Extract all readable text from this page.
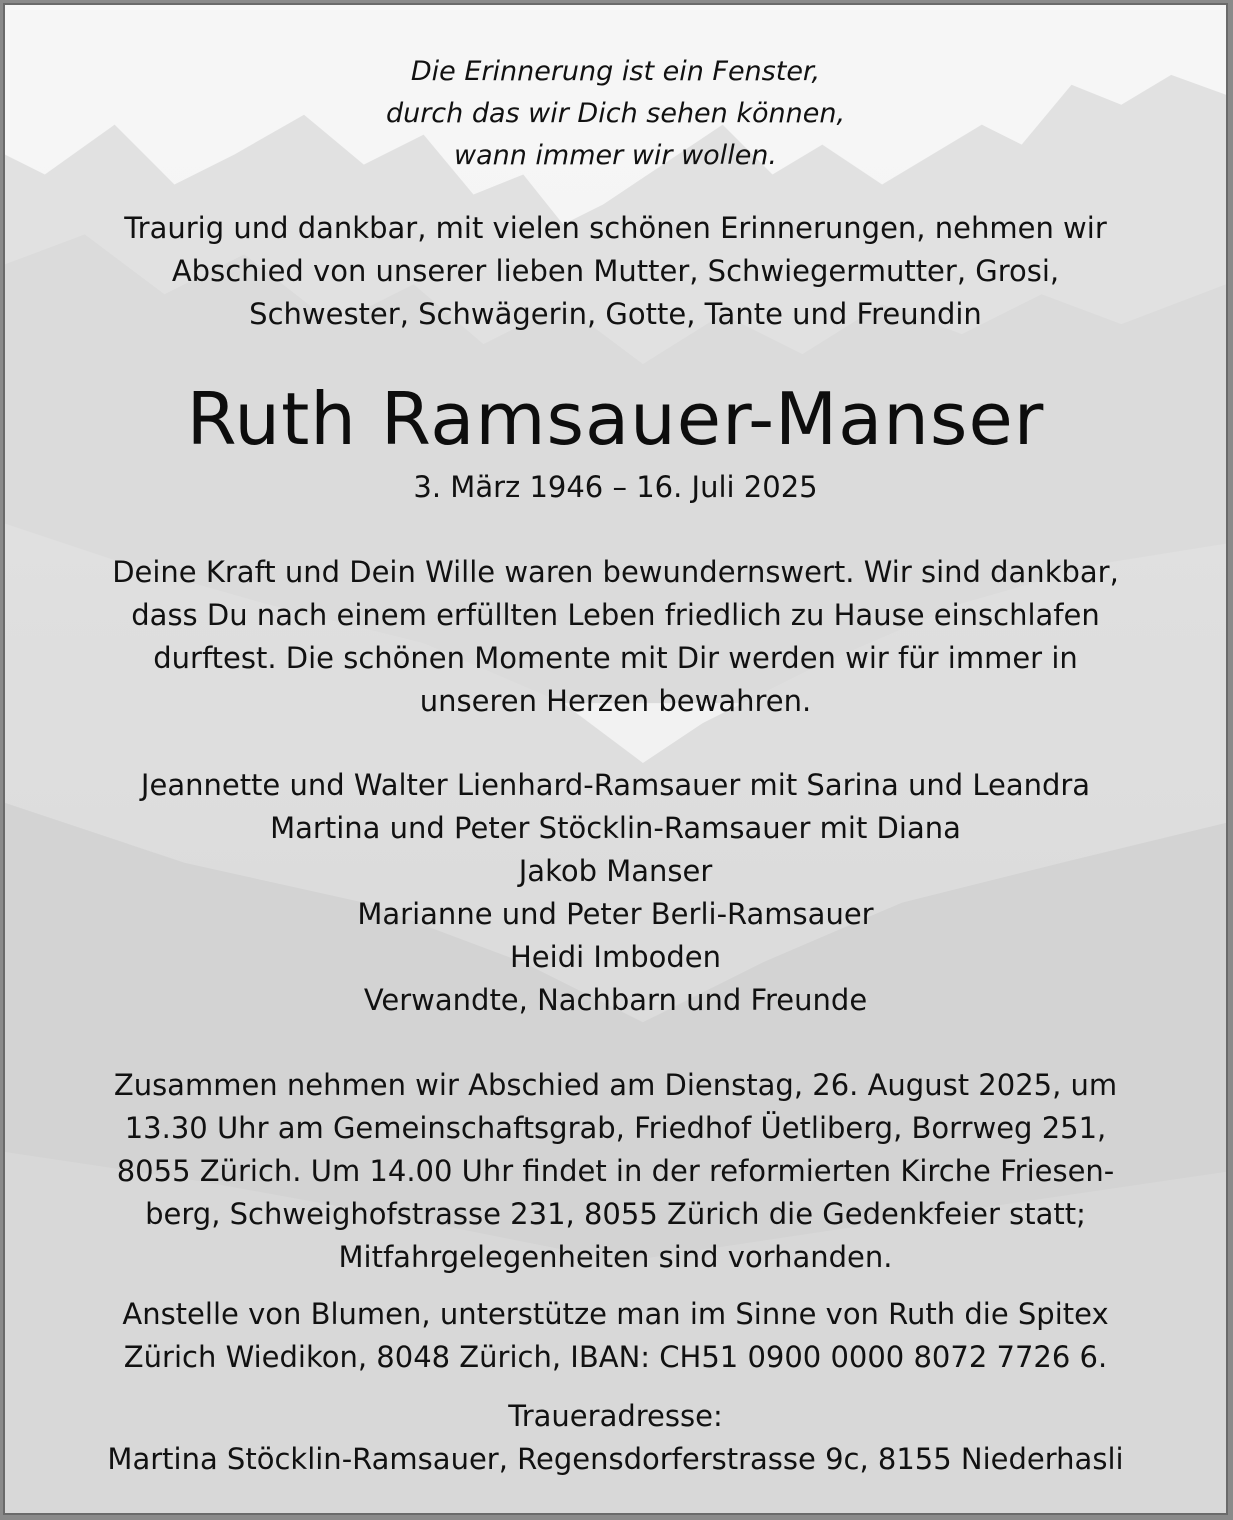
Die Erinnerung ist ein Fenster,
durch das wir Dich sehen können,
wann immer wir wollen.
Traurig und dankbar, mit vielen schönen Erinnerungen, nehmen wir
Abschied von unserer lieben Mutter, Schwiegermutter, Grosi,
Schwester, Schwägerin, Gotte, Tante und Freundin
Ruth Ramsauer-Manser
3. März 1946 – 16. Juli 2025
Deine Kraft und Dein Wille waren bewundernswert. Wir sind dankbar,
dass Du nach einem erfüllten Leben friedlich zu Hause einschlafen
durftest. Die schönen Momente mit Dir werden wir für immer in
unseren Herzen bewahren.
Jeannette und Walter Lienhard-Ramsauer mit Sarina und Leandra
Martina und Peter Stöcklin-Ramsauer mit Diana
Jakob Manser
Marianne und Peter Berli-Ramsauer
Heidi Imboden
Verwandte, Nachbarn und Freunde
Zusammen nehmen wir Abschied am Dienstag, 26. August 2025, um
13.30 Uhr am Gemeinschaftsgrab, Friedhof Üetliberg, Borrweg 251,
8055 Zürich. Um 14.00 Uhr findet in der reformierten Kirche Friesen-
berg, Schweighofstrasse 231, 8055 Zürich die Gedenkfeier statt;
Mitfahrgelegenheiten sind vorhanden.
Anstelle von Blumen, unterstütze man im Sinne von Ruth die Spitex
Zürich Wiedikon, 8048 Zürich, IBAN: CH51 0900 0000 8072 7726 6.
Traueradresse:
Martina Stöcklin-Ramsauer, Regensdorferstrasse 9c, 8155 Niederhasli
